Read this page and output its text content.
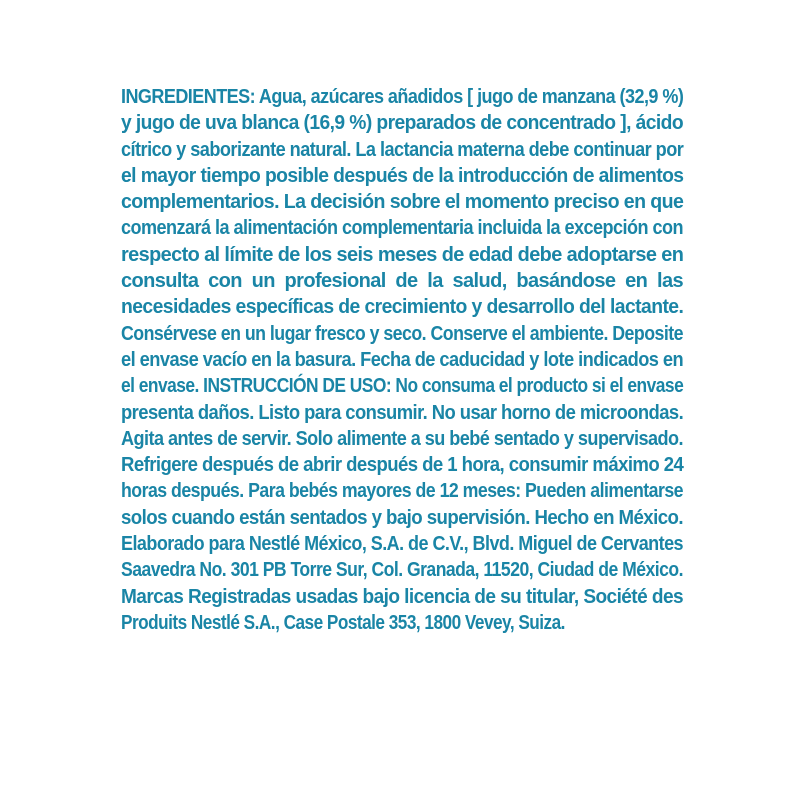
INGREDIENTES: Agua, azúcares añadidos [ jugo de manzana (32,9 %)
y jugo de uva blanca (16,9 %) preparados de concentrado ], ácido
cítrico y saborizante natural. La lactancia materna debe continuar por
el mayor tiempo posible después de la introducción de alimentos
complementarios. La decisión sobre el momento preciso en que
comenzará la alimentación complementaria incluida la excepción con
respecto al límite de los seis meses de edad debe adoptarse en
consulta con un profesional de la salud, basándose en las
necesidades específicas de crecimiento y desarrollo del lactante.
Consérvese en un lugar fresco y seco. Conserve el ambiente. Deposite
el envase vacío en la basura. Fecha de caducidad y lote indicados en
el envase. INSTRUCCIÓN DE USO: No consuma el producto si el envase
presenta daños. Listo para consumir. No usar horno de microondas.
Agita antes de servir. Solo alimente a su bebé sentado y supervisado.
Refrigere después de abrir después de 1 hora, consumir máximo 24
horas después. Para bebés mayores de 12 meses: Pueden alimentarse
solos cuando están sentados y bajo supervisión. Hecho en México.
Elaborado para Nestlé México, S.A. de C.V., Blvd. Miguel de Cervantes
Saavedra No. 301 PB Torre Sur, Col. Granada, 11520, Ciudad de México.
Marcas Registradas usadas bajo licencia de su titular, Société des
Produits Nestlé S.A., Case Postale 353, 1800 Vevey, Suiza.
